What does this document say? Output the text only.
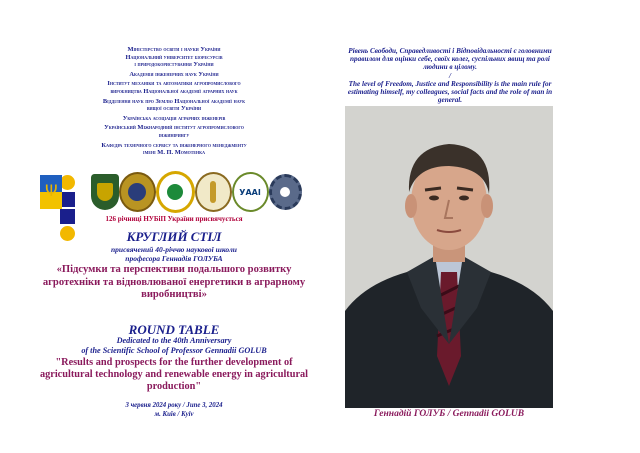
Міністерство освіти і науки України
Національний університет біоресурсів
і природокористування України
Академія інженерних наук України
Інститут механіки та автоматики агропромислового
виробництва Національної академії аграрних наук
Відділення наук про Землю Національної академії наук
вищої освіти України
Українська асоціація аграрних інженерів
Український Міжнародний інститут агропромислового
інжинірингу
Кафедра технічного сервісу та інженерного менеджменту
імені М. П. Момотенка
Ψ	УААІ
126 річниці НУБіП України присвячується
КРУГЛИЙ СТІЛ
присвячений 40-річчю наукової школи
професора Геннадія ГОЛУБА
«Підсумки та перспективи подальшого розвитку агротехніки та відновлюваної енергетики в аграрному виробництві»
ROUND TABLE
Dedicated to the 40th Anniversary
of the Scientific School of Professor Gennadii GOLUB
"Results and prospects for the further development of agricultural technology and renewable energy in agricultural production"
3 червня 2024 року / June 3, 2024
м. Київ / Kyiv
Рівень Свободи, Справедливості і Відповідальності є головними правилом для оцінки себе, своїх колег, суспільних явищ та ролі людини в цілому.
/
The level of Freedom, Justice and Responsibility is the main rule for estimating himself, my colleagues, social facts and the role of man in general.
Геннадій ГОЛУБ / Gennadii GOLUB
